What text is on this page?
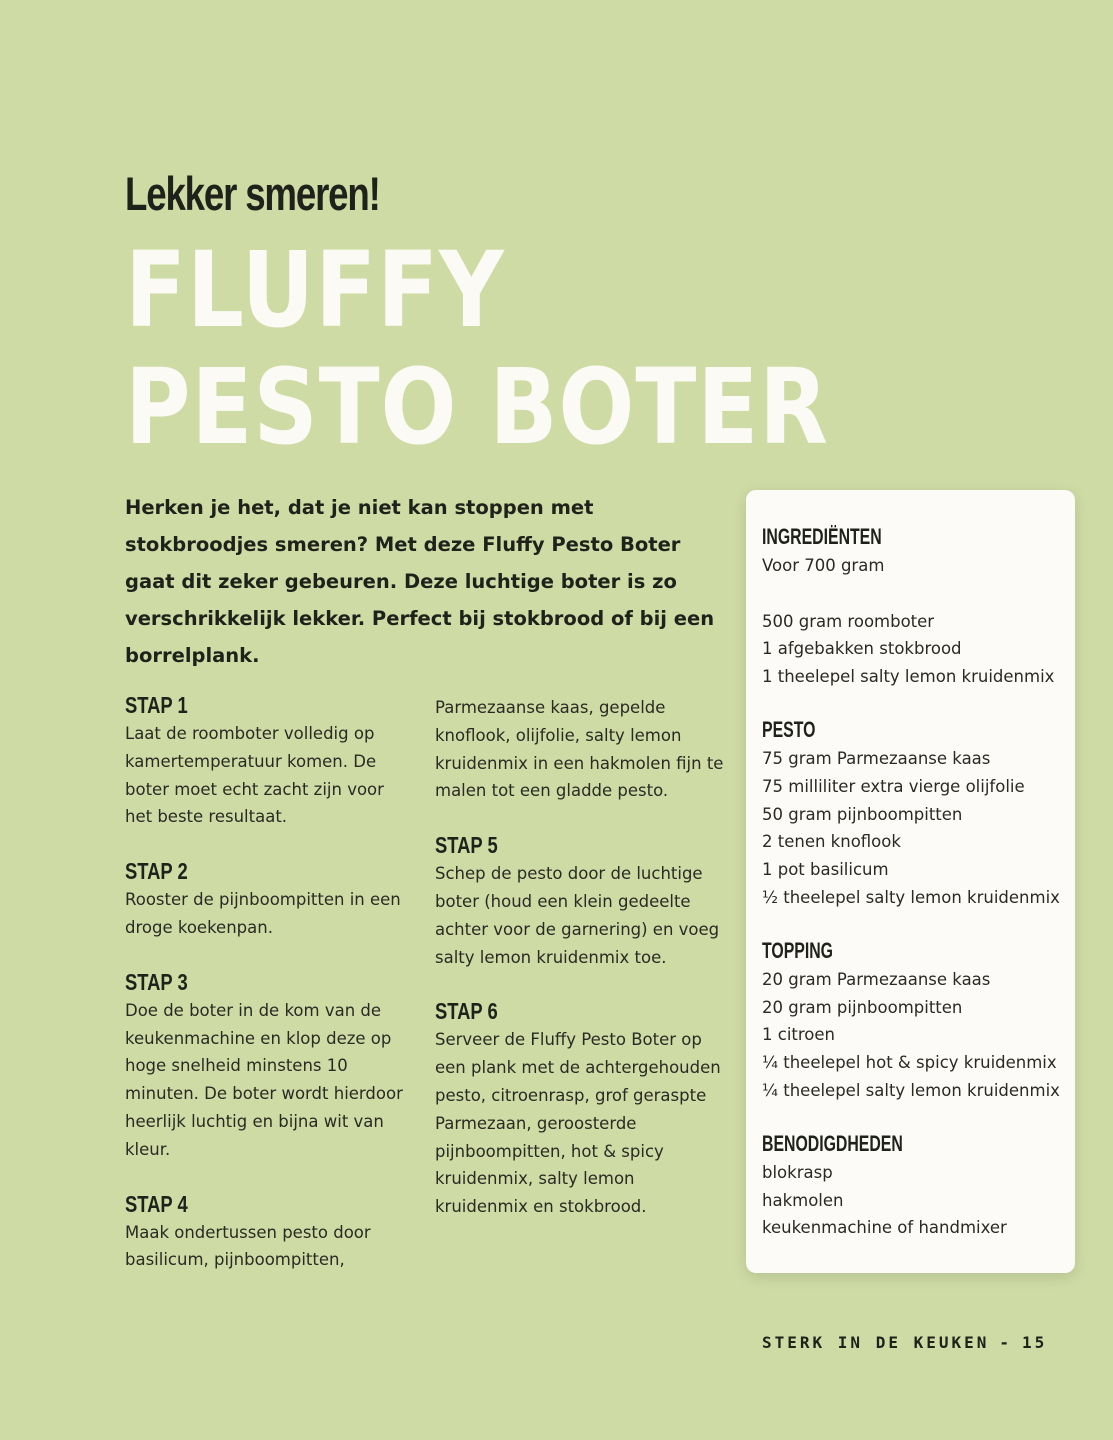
Lekker smeren!
FLUFFY
PESTO BOTER

Herken je het, dat je niet kan stoppen met stokbroodjes smeren? Met deze Fluffy Pesto Boter gaat dit zeker gebeuren. Deze luchtige boter is zo verschrikkelijk lekker. Perfect bij stokbrood of bij een borrelplank.

STAP 1

Laat de roomboter volledig op kamertemperatuur komen. De boter moet echt zacht zijn voor het beste resultaat.

STAP 2

Rooster de pijnboompitten in een droge koekenpan.

STAP 3

Doe de boter in de kom van de keukenmachine en klop deze op hoge snelheid minstens 10 minuten. De boter wordt hierdoor heerlijk luchtig en bijna wit van kleur.

STAP 4

Maak ondertussen pesto door basilicum, pijnboompitten,

Parmezaanse kaas, gepelde knoflook, olijfolie, salty lemon kruidenmix in een hakmolen fijn te malen tot een gladde pesto.

STAP 5

Schep de pesto door de luchtige boter (houd een klein gedeelte achter voor de garnering) en voeg salty lemon kruidenmix toe.

STAP 6

Serveer de Fluffy Pesto Boter op een plank met de achtergehouden pesto, citroenrasp, grof geraspte Parmezaan, geroosterde pijnboompitten, hot & spicy kruidenmix, salty lemon kruidenmix en stokbrood.

INGREDIËNTEN
Voor 700 gram
500 gram roomboter
1 afgebakken stokbrood
1 theelepel salty lemon kruidenmix
PESTO
75 gram Parmezaanse kaas
75 milliliter extra vierge olijfolie
50 gram pijnboompitten
2 tenen knoflook
1 pot basilicum
½ theelepel salty lemon kruidenmix
TOPPING
20 gram Parmezaanse kaas
20 gram pijnboompitten
1 citroen
¼ theelepel hot & spicy kruidenmix
¼ theelepel salty lemon kruidenmix
BENODIGDHEDEN
blokrasp
hakmolen
keukenmachine of handmixer
STERK IN DE KEUKEN - 15
